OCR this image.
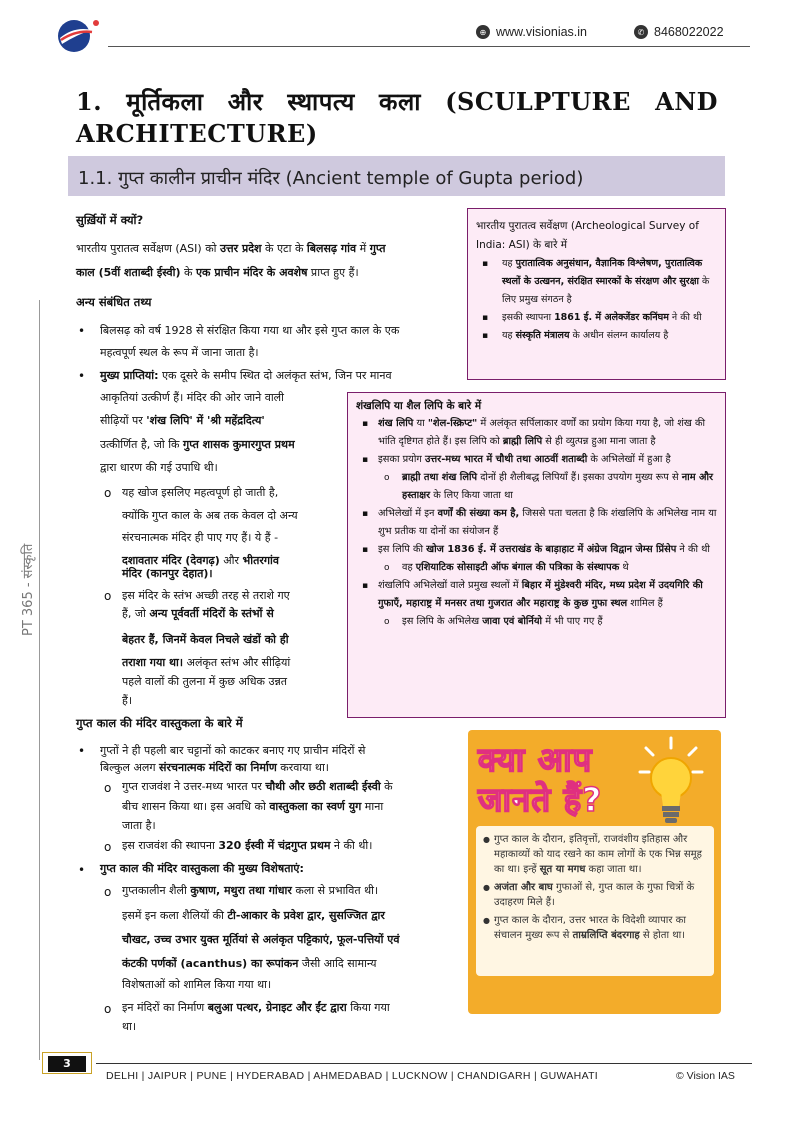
⊕ www.visionias.in	✆ 8468022022
PT 365 - संस्कृति
1. मूर्तिकला और स्थापत्य कला (SCULPTURE AND ARCHITECTURE)
1.1. गुप्त कालीन प्राचीन मंदिर (Ancient temple of Gupta period)
सुर्ख़ियों में क्यों?
भारतीय पुरातत्व सर्वेक्षण (ASI) को उत्तर प्रदेश के एटा के बिलसढ़ गांव में गुप्त
काल (5वीं शताब्दी ईस्वी) के एक प्राचीन मंदिर के अवशेष प्राप्त हुए हैं।
अन्य संबंधित तथ्य
• बिलसढ़ को वर्ष 1928 से संरक्षित किया गया था और इसे गुप्त काल के एक
महत्वपूर्ण स्थल के रूप में जाना जाता है।
• मुख्य प्राप्तियां: एक दूसरे के समीप स्थित दो अलंकृत स्तंभ, जिन पर मानव
आकृतियां उत्कीर्ण हैं। मंदिर की ओर जाने वाली
सीढ़ियों पर 'शंख लिपि' में 'श्री महेंद्रदित्य'
उत्कीर्णित है, जो कि गुप्त शासक कुमारगुप्त प्रथम
द्वारा धारण की गई उपाधि थी।
o यह खोज इसलिए महत्वपूर्ण हो जाती है,
क्योंकि गुप्त काल के अब तक केवल दो अन्य
संरचनात्मक मंदिर ही पाए गए हैं। ये हैं -
दशावतार मंदिर (देवगढ़) और भीतरगांव
मंदिर (कानपुर देहात)।
o इस मंदिर के स्तंभ अच्छी तरह से तराशे गए
हैं, जो अन्य पूर्ववर्ती मंदिरों के स्तंभों से
बेहतर हैं, जिनमें केवल निचले खंडों को ही
तराशा गया था। अलंकृत स्तंभ और सीढ़ियां
पहले वालों की तुलना में कुछ अधिक उन्नत
हैं।
गुप्त काल की मंदिर वास्तुकला के बारे में
• गुप्तों ने ही पहली बार चट्टानों को काटकर बनाए गए प्राचीन मंदिरों से
बिल्कुल अलग संरचनात्मक मंदिरों का निर्माण करवाया था।
o गुप्त राजवंश ने उत्तर-मध्य भारत पर चौथी और छठी शताब्दी ईस्वी के
बीच शासन किया था। इस अवधि को वास्तुकला का स्वर्ण युग माना
जाता है।
o इस राजवंश की स्थापना 320 ईस्वी में चंद्रगुप्त प्रथम ने की थी।
• गुप्त काल की मंदिर वास्तुकला की मुख्य विशेषताएं:
o गुप्तकालीन शैली कुषाण, मथुरा तथा गांधार कला से प्रभावित थी।
इसमें इन कला शैलियों की टी-आकार के प्रवेश द्वार, सुसज्जित द्वार
चौखट, उच्च उभार युक्त मूर्तियां से अलंकृत पट्टिकाएं, फूल-पत्तियों एवं
कंटकी पर्णकों (acanthus) का रूपांकन जैसी आदि सामान्य
विशेषताओं को शामिल किया गया था।
o इन मंदिरों का निर्माण बलुआ पत्थर, ग्रेनाइट और ईंट द्वारा किया गया
था।
भारतीय पुरातत्व सर्वेक्षण (Archeological Survey of India: ASI) के बारे में
▪ यह पुरातात्विक अनुसंधान, वैज्ञानिक विश्लेषण, पुरातात्विक स्थलों के उत्खनन, संरक्षित स्मारकों के संरक्षण और सुरक्षा के लिए प्रमुख संगठन है
▪ इसकी स्थापना 1861 ई. में अलेक्जेंडर कनिंघम ने की थी
▪ यह संस्कृति मंत्रालय के अधीन संलग्न कार्यालय है
शंखलिपि या शैल लिपि के बारे में
▪ शंख लिपि या "शेल-स्क्रिप्ट" में अलंकृत सर्पिलाकार वर्णों का प्रयोग किया गया है, जो शंख की भांति दृष्टिगत होते हैं। इस लिपि को ब्राह्मी लिपि से ही व्युत्पन्न हुआ माना जाता है
▪ इसका प्रयोग उत्तर-मध्य भारत में चौथी तथा आठवीं शताब्दी के अभिलेखों में हुआ है
o ब्राह्मी तथा शंख लिपि दोनों ही शैलीबद्ध लिपियाँ हैं। इसका उपयोग मुख्य रूप से नाम और हस्ताक्षर के लिए किया जाता था
▪ अभिलेखों में इन वर्णों की संख्या कम है, जिससे पता चलता है कि शंखलिपि के अभिलेख नाम या शुभ प्रतीक या दोनों का संयोजन हैं
▪ इस लिपि की खोज 1836 ई. में उत्तराखंड के बाड़ाहाट में अंग्रेज विद्वान जेम्स प्रिंसेप ने की थी
o वह एशियाटिक सोसाइटी ऑफ बंगाल की पत्रिका के संस्थापक थे
▪ शंखलिपि अभिलेखों वाले प्रमुख स्थलों में बिहार में मुंडेश्वरी मंदिर, मध्य प्रदेश में उदयगिरि की गुफाएँ, महाराष्ट्र में मनसर तथा गुजरात और महाराष्ट्र के कुछ गुफा स्थल शामिल हैं
o इस लिपि के अभिलेख जावा एवं बोर्नियो में भी पाए गए हैं
क्या आप
जानते हैं?
● गुप्त काल के दौरान, इतिवृत्तों, राजवंशीय इतिहास और महाकाव्यों को याद रखने का काम लोगों के एक भिन्न समूह का था। इन्हें सूत या मगध कहा जाता था।
● अजंता और बाघ गुफाओं से, गुप्त काल के गुफा चित्रों के उदाहरण मिले हैं।
● गुप्त काल के दौरान, उत्तर भारत के विदेशी व्यापार का संचालन मुख्य रूप से ताम्रलिप्ति बंदरगाह से होता था।
3
DELHI | JAIPUR | PUNE | HYDERABAD | AHMEDABAD | LUCKNOW | CHANDIGARH | GUWAHATI	© Vision IAS
